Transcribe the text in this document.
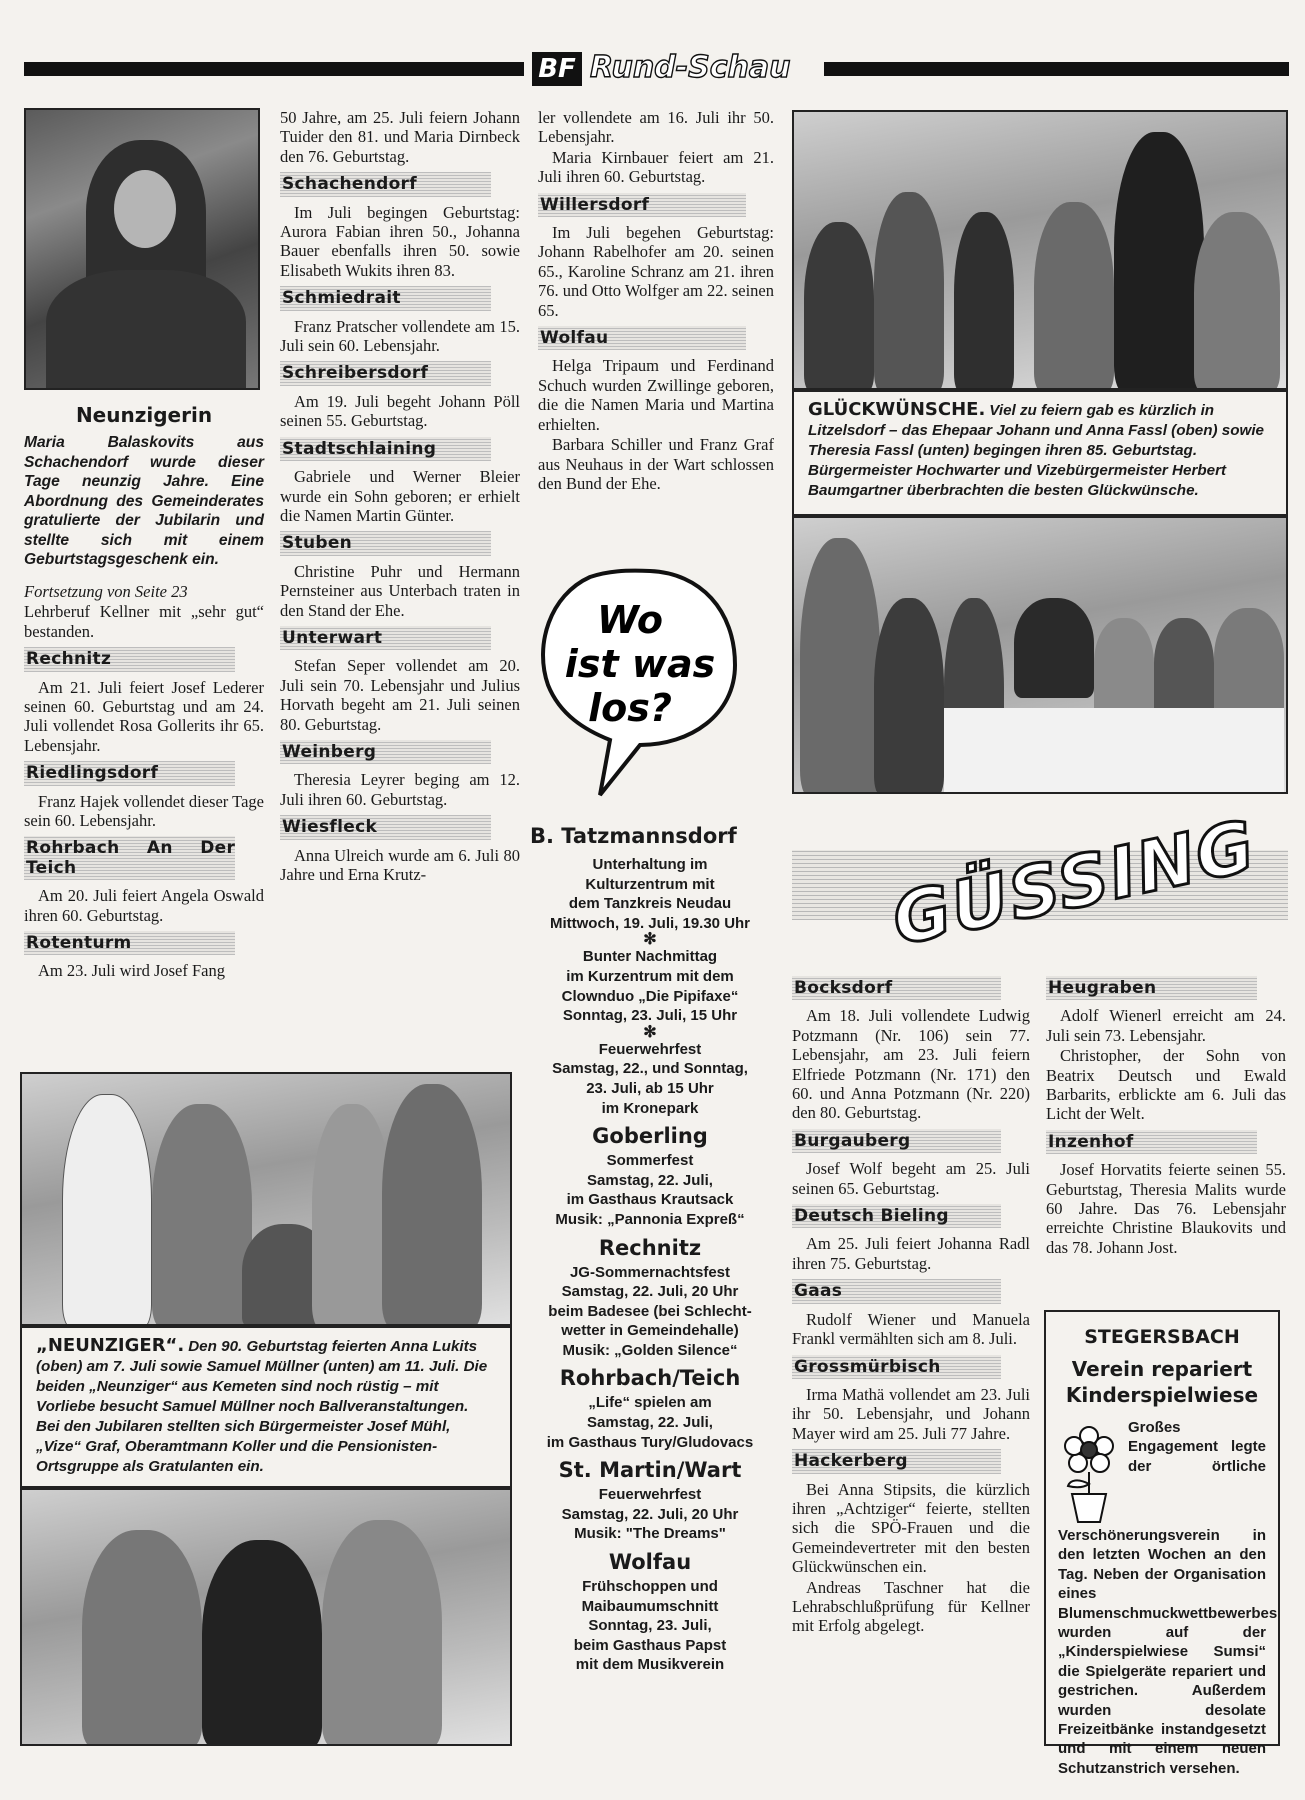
BF Rund-Schau
Neunzigerin
Maria Balaskovits aus Schachendorf wurde dieser Tage neunzig Jahre. Eine Abordnung des Gemeinderates gratulierte der Jubilarin und stellte sich mit einem Geburtstagsgeschenk ein.

Fortsetzung von Seite 23

Lehrberuf Kellner mit „sehr gut“ bestanden.

Rechnitz

Am 21. Juli feiert Josef Lederer seinen 60. Geburtstag und am 24. Juli vollendet Rosa Gollerits ihr 65. Lebensjahr.

Riedlingsdorf

Franz Hajek vollendet dieser Tage sein 60. Lebensjahr.

Rohrbach An Der Teich

Am 20. Juli feiert Angela Oswald ihren 60. Geburtstag.

Rotenturm

Am 23. Juli wird Josef Fang

50 Jahre, am 25. Juli feiern Johann Tuider den 81. und Maria Dirnbeck den 76. Geburtstag.

Schachendorf

Im Juli begingen Geburtstag: Aurora Fabian ihren 50., Johanna Bauer ebenfalls ihren 50. sowie Elisabeth Wukits ihren 83.

Schmiedrait

Franz Pratscher vollendete am 15. Juli sein 60. Lebensjahr.

Schreibersdorf

Am 19. Juli begeht Johann Pöll seinen 55. Geburtstag.

Stadtschlaining

Gabriele und Werner Bleier wurde ein Sohn geboren; er erhielt die Namen Martin Günter.

Stuben

Christine Puhr und Hermann Pernsteiner aus Unterbach traten in den Stand der Ehe.

Unterwart

Stefan Seper vollendet am 20. Juli sein 70. Lebensjahr und Julius Horvath begeht am 21. Juli seinen 80. Geburtstag.

Weinberg

Theresia Leyrer beging am 12. Juli ihren 60. Geburtstag.

Wiesfleck

Anna Ulreich wurde am 6. Juli 80 Jahre und Erna Krutz-

ler vollendete am 16. Juli ihr 50. Lebensjahr.

Maria Kirnbauer feiert am 21. Juli ihren 60. Geburtstag.

Willersdorf

Im Juli begehen Geburtstag: Johann Rabelhofer am 20. seinen 65., Karoline Schranz am 21. ihren 76. und Otto Wolfger am 22. seinen 65.

Wolfau

Helga Tripaum und Ferdinand Schuch wurden Zwillinge geboren, die die Namen Maria und Martina erhielten.

Barbara Schiller und Franz Graf aus Neuhaus in der Wart schlossen den Bund der Ehe.

Wo
ist was
los?
B. Tatzmannsdorf
Unterhaltung im
Kulturzentrum mit
dem Tanzkreis Neudau
Mittwoch, 19. Juli, 19.30 Uhr
✻
Bunter Nachmittag
im Kurzentrum mit dem
Clownduo „Die Pipifaxe“
Sonntag, 23. Juli, 15 Uhr
✻
Feuerwehrfest
Samstag, 22., und Sonntag,
23. Juli, ab 15 Uhr
im Kronepark
Goberling
Sommerfest
Samstag, 22. Juli,
im Gasthaus Krautsack
Musik: „Pannonia Expreß“
Rechnitz
JG-Sommernachtsfest
Samstag, 22. Juli, 20 Uhr
beim Badesee (bei Schlecht-
wetter in Gemeindehalle)
Musik: „Golden Silence“
Rohrbach/Teich
„Life“ spielen am
Samstag, 22. Juli,
im Gasthaus Tury/Gludovacs
St. Martin/Wart
Feuerwehrfest
Samstag, 22. Juli, 20 Uhr
Musik: "The Dreams"
Wolfau
Frühschoppen und
Maibaumumschnitt
Sonntag, 23. Juli,
beim Gasthaus Papst
mit dem Musikverein
GLÜCKWÜNSCHE. Viel zu feiern gab es kürzlich in Litzelsdorf – das Ehepaar Johann und Anna Fassl (oben) sowie Theresia Fassl (unten) begingen ihren 85. Geburtstag. Bürgermeister Hochwarter und Vizebürgermeister Herbert Baumgartner überbrachten die besten Glückwünsche.
GÜSSING
„NEUNZIGER“. Den 90. Geburtstag feierten Anna Lukits (oben) am 7. Juli sowie Samuel Müllner (unten) am 11. Juli. Die beiden „Neunziger“ aus Kemeten sind noch rüstig – mit Vorliebe besucht Samuel Müllner noch Ballveranstaltungen. Bei den Jubilaren stellten sich Bürgermeister Josef Mühl, „Vize“ Graf, Oberamtmann Koller und die Pensionisten-Ortsgruppe als Gratulanten ein.
Bocksdorf

Am 18. Juli vollendete Ludwig Potzmann (Nr. 106) sein 77. Lebensjahr, am 23. Juli feiern Elfriede Potzmann (Nr. 171) den 60. und Anna Potzmann (Nr. 220) den 80. Geburtstag.

Burgauberg

Josef Wolf begeht am 25. Juli seinen 65. Geburtstag.

Deutsch Bieling

Am 25. Juli feiert Johanna Radl ihren 75. Geburtstag.

Gaas

Rudolf Wiener und Manuela Frankl vermählten sich am 8. Juli.

Grossmürbisch

Irma Mathä vollendet am 23. Juli ihr 50. Lebensjahr, und Johann Mayer wird am 25. Juli 77 Jahre.

Hackerberg

Bei Anna Stipsits, die kürzlich ihren „Achtziger“ feierte, stellten sich die SPÖ-Frauen und die Gemeindevertreter mit den besten Glückwünschen ein.

Andreas Taschner hat die Lehrabschlußprüfung für Kellner mit Erfolg abgelegt.

Heugraben

Adolf Wienerl erreicht am 24. Juli sein 73. Lebensjahr.

Christopher, der Sohn von Beatrix Deutsch und Ewald Barbarits, erblickte am 6. Juli das Licht der Welt.

Inzenhof

Josef Horvatits feierte seinen 55. Geburtstag, Theresia Malits wurde 60 Jahre. Das 76. Lebensjahr erreichte Christine Blaukovits und das 78. Johann Jost.

STEGERSBACH
Verein repariert Kinderspielwiese
Großes Engagement legte der örtliche Verschönerungsverein in den letzten Wochen an den Tag. Neben der Organisation eines Blumenschmuckwettbewerbes wurden auf der „Kinderspielwiese Sumsi“ die Spielgeräte repariert und gestrichen. Außerdem wurden desolate Freizeitbänke instandgesetzt und mit einem neuen Schutzanstrich versehen.
